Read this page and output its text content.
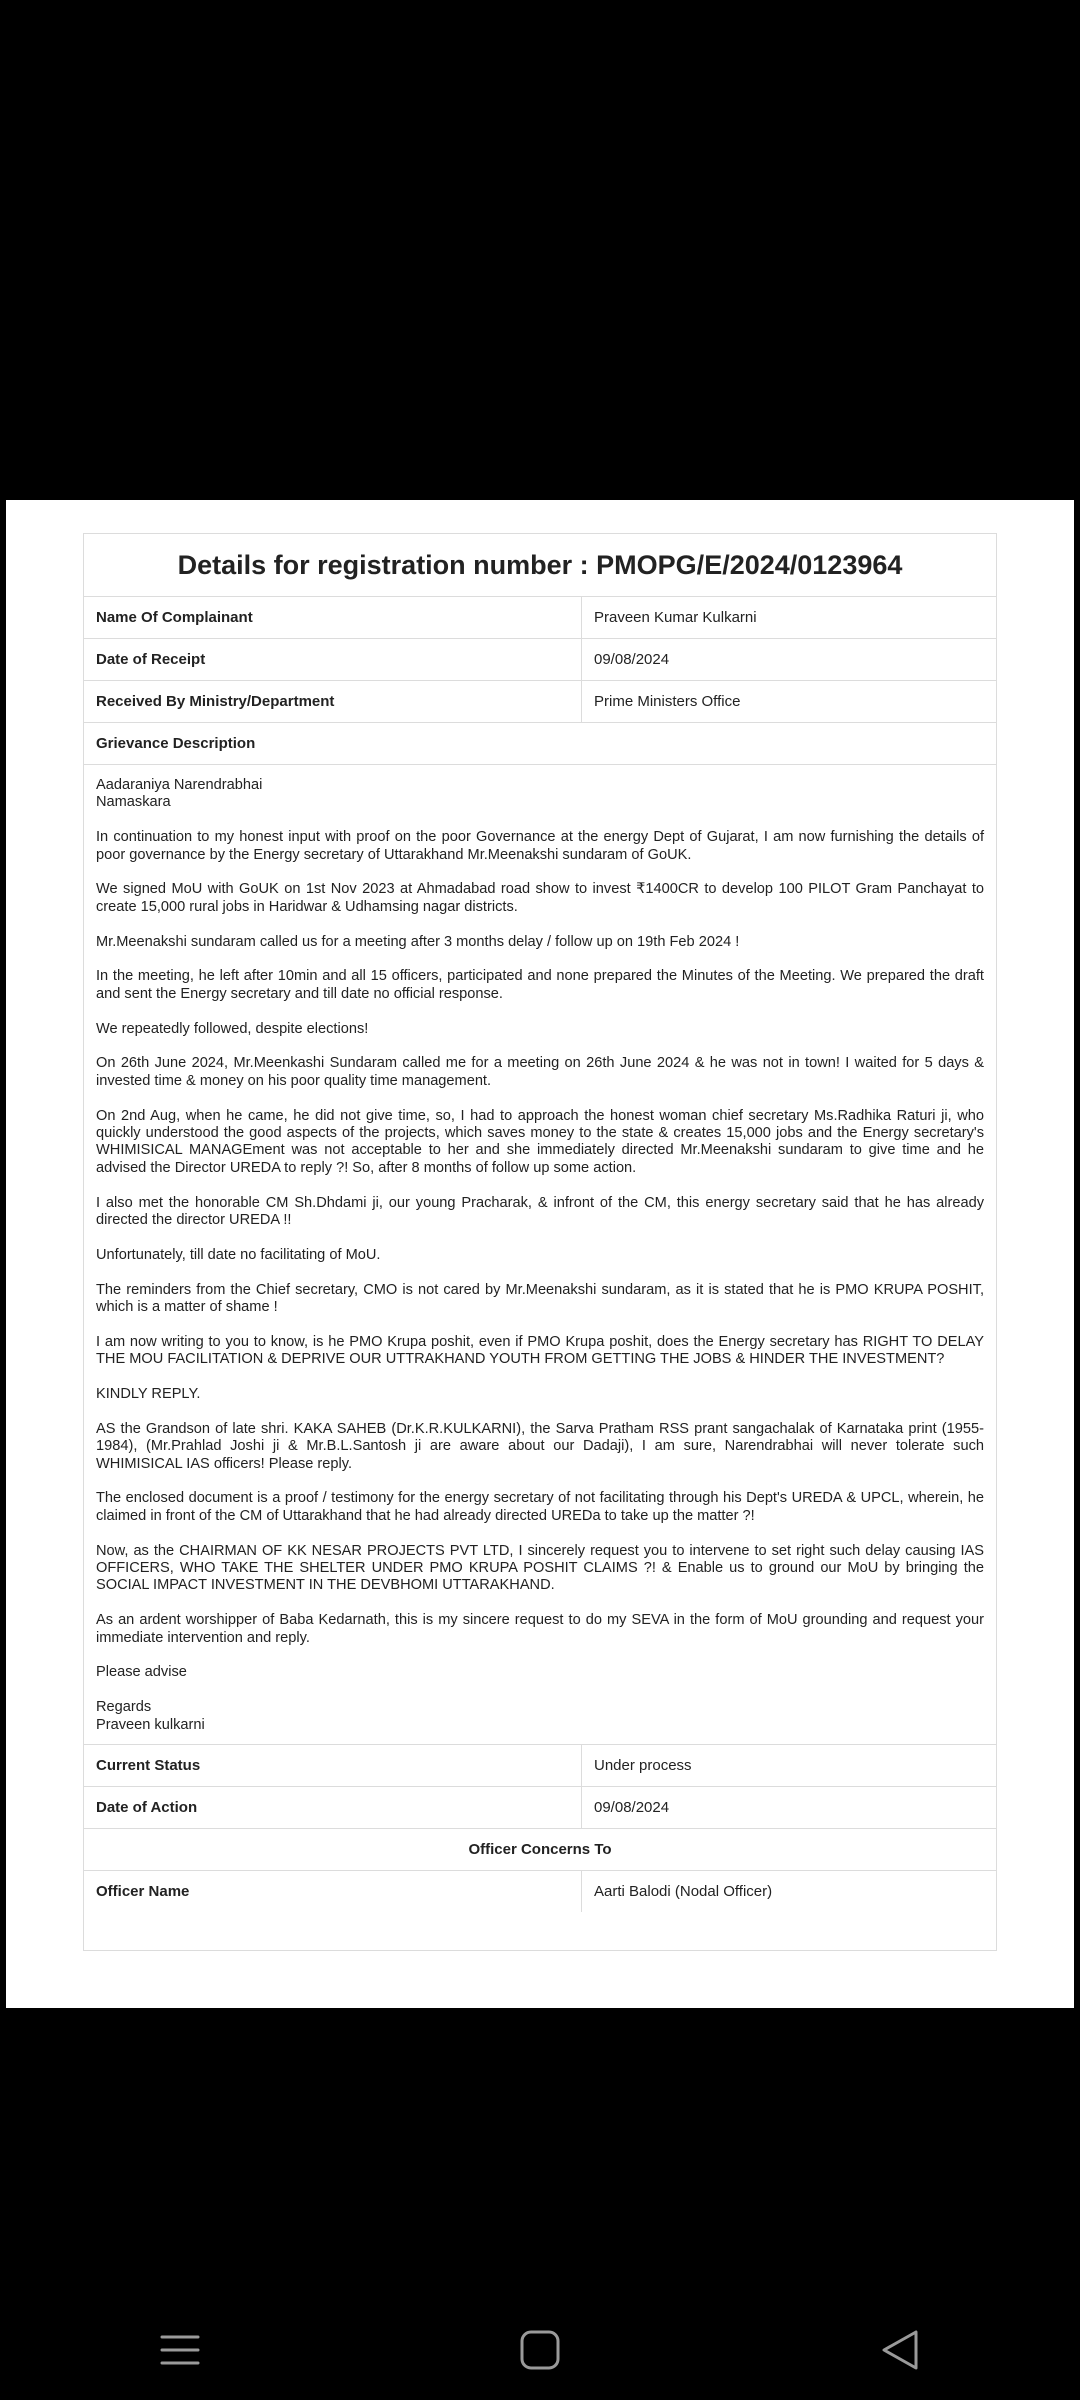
Details for registration number : PMOPG/E/2024/0123964
Name Of Complainant	Praveen Kumar Kulkarni
Date of Receipt	09/08/2024
Received By Ministry/Department	Prime Ministers Office
Grievance Description

Aadaraniya Narendrabhai
Namaskara

In continuation to my honest input with proof on the poor Governance at the energy Dept of Gujarat, I am now furnishing the details of poor governance by the Energy secretary of Uttarakhand Mr.Meenakshi sundaram of GoUK.

We signed MoU with GoUK on 1st Nov 2023 at Ahmadabad road show to invest ₹1400CR to develop 100 PILOT Gram Panchayat to create 15,000 rural jobs in Haridwar & Udhamsing nagar districts.

Mr.Meenakshi sundaram called us for a meeting after 3 months delay / follow up on 19th Feb 2024 !

In the meeting, he left after 10min and all 15 officers, participated and none prepared the Minutes of the Meeting. We prepared the draft and sent the Energy secretary and till date no official response.

We repeatedly followed, despite elections!

On 26th June 2024, Mr.Meenkashi Sundaram called me for a meeting on 26th June 2024 & he was not in town! I waited for 5 days & invested time & money on his poor quality time management.

On 2nd Aug, when he came, he did not give time, so, I had to approach the honest woman chief secretary Ms.Radhika Raturi ji, who quickly understood the good aspects of the projects, which saves money to the state & creates 15,000 jobs and the Energy secretary's WHIMISICAL MANAGEment was not acceptable to her and she immediately directed Mr.Meenakshi sundaram to give time and he advised the Director UREDA to reply ?! So, after 8 months of follow up some action.

I also met the honorable CM Sh.Dhdami ji, our young Pracharak, & infront of the CM, this energy secretary said that he has already directed the director UREDA !!

Unfortunately, till date no facilitating of MoU.

The reminders from the Chief secretary, CMO is not cared by Mr.Meenakshi sundaram, as it is stated that he is PMO KRUPA POSHIT, which is a matter of shame !

I am now writing to you to know, is he PMO Krupa poshit, even if PMO Krupa poshit, does the Energy secretary has RIGHT TO DELAY THE MOU FACILITATION & DEPRIVE OUR UTTRAKHAND YOUTH FROM GETTING THE JOBS & HINDER THE INVESTMENT?

KINDLY REPLY.

AS the Grandson of late shri. KAKA SAHEB (Dr.K.R.KULKARNI), the Sarva Pratham RSS prant sangachalak of Karnataka print (1955-1984), (Mr.Prahlad Joshi ji & Mr.B.L.Santosh ji are aware about our Dadaji), I am sure, Narendrabhai will never tolerate such WHIMISICAL IAS officers! Please reply.

The enclosed document is a proof / testimony for the energy secretary of not facilitating through his Dept's UREDA & UPCL, wherein, he claimed in front of the CM of Uttarakhand that he had already directed UREDa to take up the matter ?!

Now, as the CHAIRMAN OF KK NESAR PROJECTS PVT LTD, I sincerely request you to intervene to set right such delay causing IAS OFFICERS, WHO TAKE THE SHELTER UNDER PMO KRUPA POSHIT CLAIMS ?! & Enable us to ground our MoU by bringing the SOCIAL IMPACT INVESTMENT IN THE DEVBHOMI UTTARAKHAND.

As an ardent worshipper of Baba Kedarnath, this is my sincere request to do my SEVA in the form of MoU grounding and request your immediate intervention and reply.

Please advise

Regards
Praveen kulkarni

Current Status	Under process
Date of Action	09/08/2024
Officer Concerns To
Officer Name	Aarti Balodi (Nodal Officer)
